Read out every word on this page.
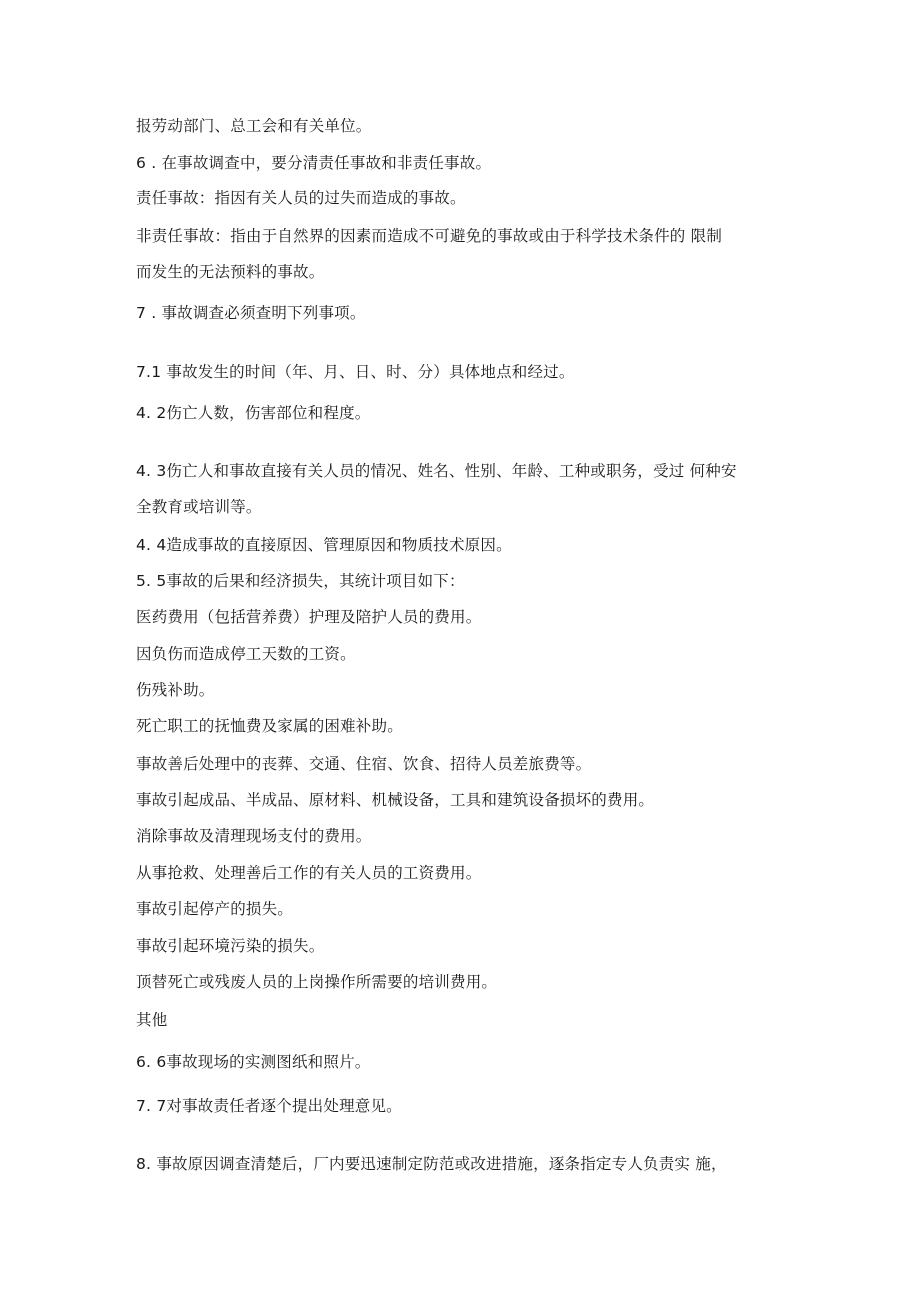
报劳动部门、总工会和有关单位。
6 . 在事故调查中，要分清责任事故和非责任事故。
责任事故：指因有关人员的过失而造成的事故。
非责任事故：指由于自然界的因素而造成不可避免的事故或由于科学技术条件的 限制
而发生的无法预料的事故。
7 . 事故调查必须查明下列事项。
7.1 事故发生的时间（年、月、日、时、分）具体地点和经过。
4. 2伤亡人数，伤害部位和程度。
4. 3伤亡人和事故直接有关人员的情况、姓名、性别、年龄、工种或职务，受过 何种安
全教育或培训等。
4. 4造成事故的直接原因、管理原因和物质技术原因。
5. 5事故的后果和经济损失，其统计项目如下：
医药费用（包括营养费）护理及陪护人员的费用。
因负伤而造成停工天数的工资。
伤残补助。
死亡职工的抚恤费及家属的困难补助。
事故善后处理中的丧葬、交通、住宿、饮食、招待人员差旅费等。
事故引起成品、半成品、原材料、机械设备，工具和建筑设备损坏的费用。
消除事故及清理现场支付的费用。
从事抢救、处理善后工作的有关人员的工资费用。
事故引起停产的损失。
事故引起环境污染的损失。
顶替死亡或残废人员的上岗操作所需要的培训费用。
其他
6. 6事故现场的实测图纸和照片。
7. 7对事故责任者逐个提出处理意见。
8. 事故原因调查清楚后，厂内要迅速制定防范或改进措施，逐条指定专人负责实 施，
